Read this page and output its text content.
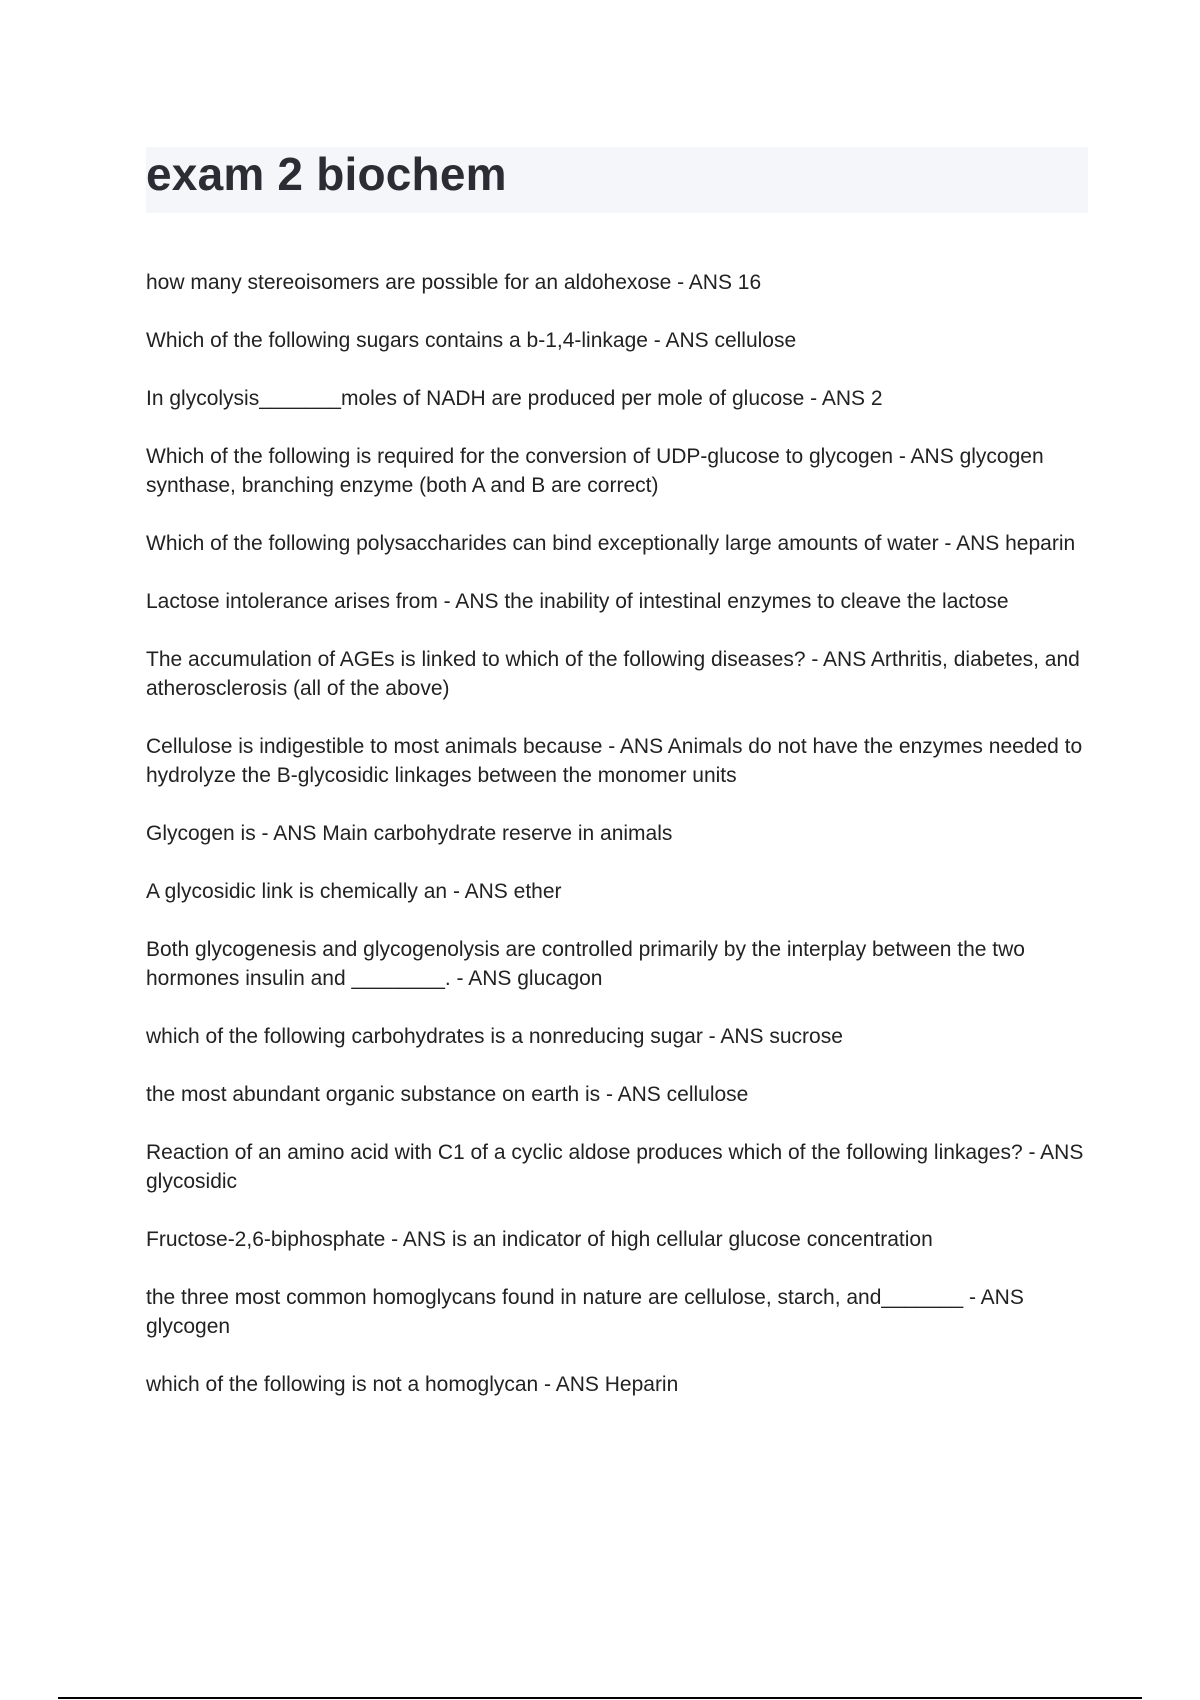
exam 2 biochem
how many stereoisomers are possible for an aldohexose - ANS 16
Which of the following sugars contains a b-1,4-linkage - ANS cellulose
In glycolysis_______moles of NADH are produced per mole of glucose - ANS 2
Which of the following is required for the conversion of UDP-glucose to glycogen - ANS glycogen synthase, branching enzyme (both A and B are correct)
Which of the following polysaccharides can bind exceptionally large amounts of water - ANS heparin
Lactose intolerance arises from - ANS the inability of intestinal enzymes to cleave the lactose
The accumulation of AGEs is linked to which of the following diseases? - ANS Arthritis, diabetes, and atherosclerosis (all of the above)
Cellulose is indigestible to most animals because - ANS Animals do not have the enzymes needed to hydrolyze the B-glycosidic linkages between the monomer units
Glycogen is - ANS Main carbohydrate reserve in animals
A glycosidic link is chemically an - ANS ether
Both glycogenesis and glycogenolysis are controlled primarily by the interplay between the two hormones insulin and ________. - ANS glucagon
which of the following carbohydrates is a nonreducing sugar - ANS sucrose
the most abundant organic substance on earth is - ANS cellulose
Reaction of an amino acid with C1 of a cyclic aldose produces which of the following linkages? - ANS glycosidic
Fructose-2,6-biphosphate - ANS is an indicator of high cellular glucose concentration
the three most common homoglycans found in nature are cellulose, starch, and_______ - ANS glycogen
which of the following is not a homoglycan - ANS Heparin
